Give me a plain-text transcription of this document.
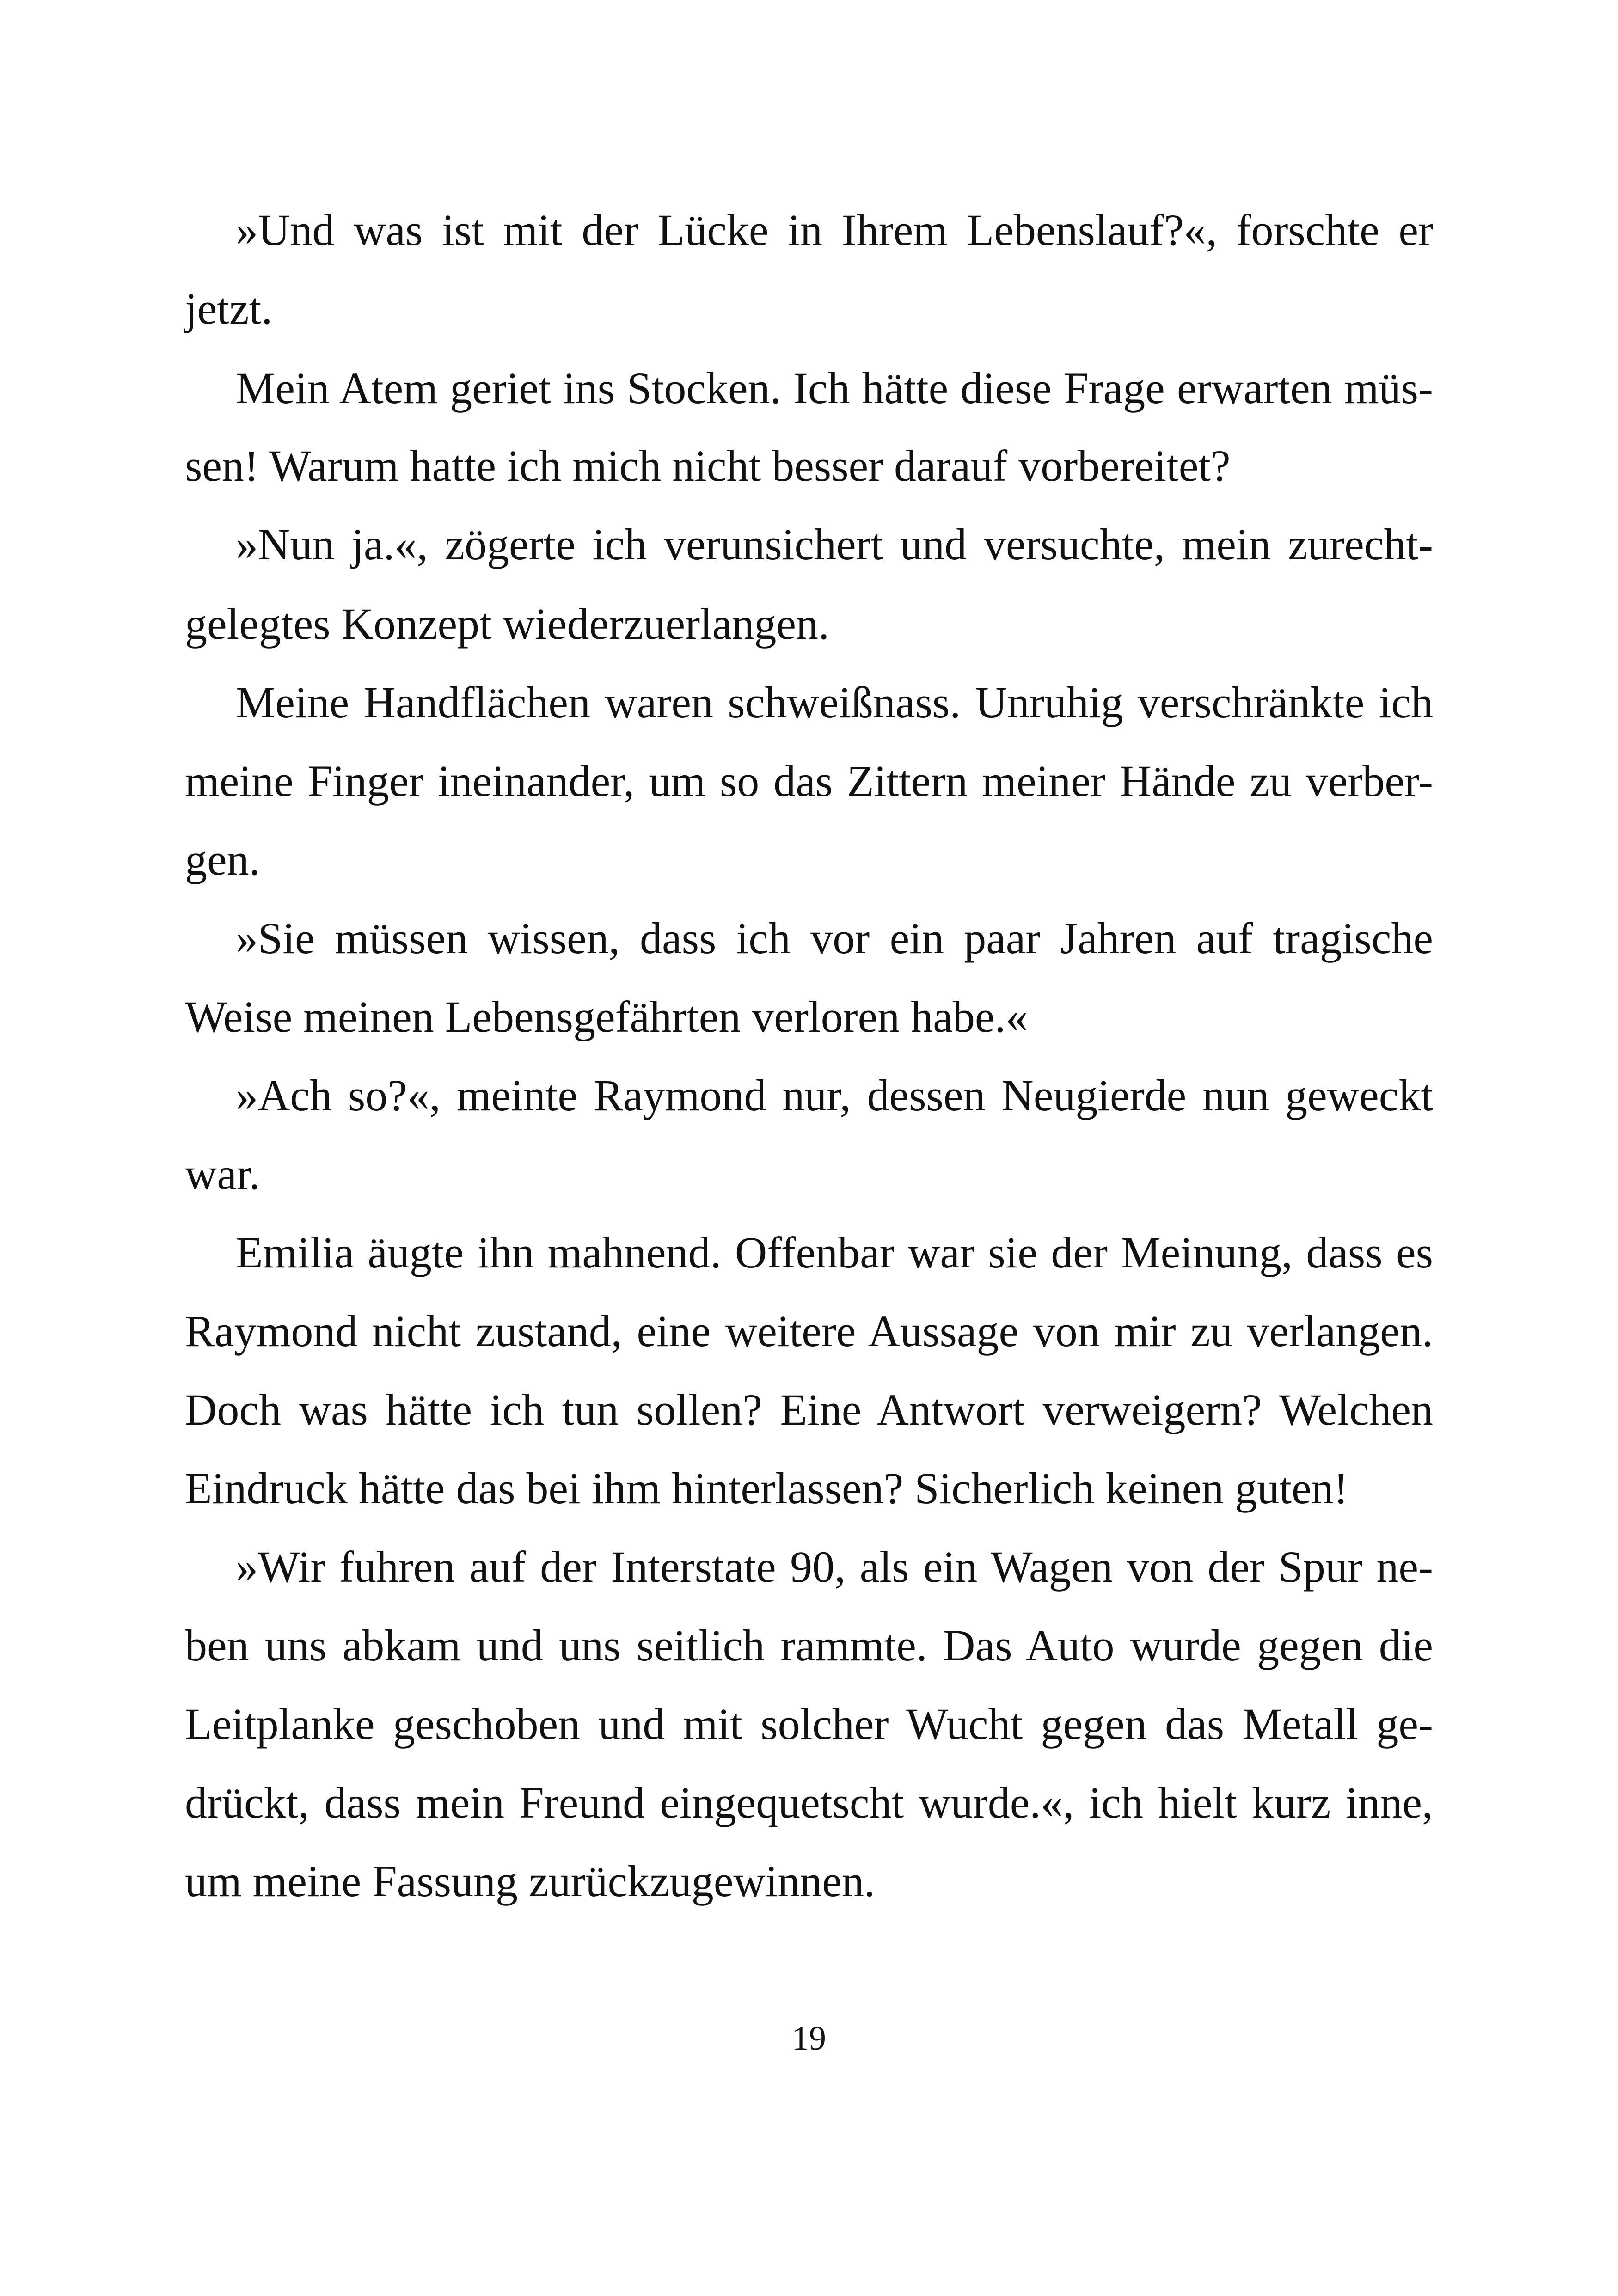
»Und was ist mit der Lücke in Ihrem Lebenslauf?«, forschte er
jetzt.
Mein Atem geriet ins Stocken. Ich hätte diese Frage erwarten müs-
sen! Warum hatte ich mich nicht besser darauf vorbereitet?
»Nun ja.«, zögerte ich verunsichert und versuchte, mein zurecht-
gelegtes Konzept wiederzuerlangen.
Meine Handflächen waren schweißnass. Unruhig verschränkte ich
meine Finger ineinander, um so das Zittern meiner Hände zu verber-
gen.
»Sie müssen wissen, dass ich vor ein paar Jahren auf tragische
Weise meinen Lebensgefährten verloren habe.«
»Ach so?«, meinte Raymond nur, dessen Neugierde nun geweckt
war.
Emilia äugte ihn mahnend. Offenbar war sie der Meinung, dass es
Raymond nicht zustand, eine weitere Aussage von mir zu verlangen.
Doch was hätte ich tun sollen? Eine Antwort verweigern? Welchen
Eindruck hätte das bei ihm hinterlassen? Sicherlich keinen guten!
»Wir fuhren auf der Interstate 90, als ein Wagen von der Spur ne-
ben uns abkam und uns seitlich rammte. Das Auto wurde gegen die
Leitplanke geschoben und mit solcher Wucht gegen das Metall ge-
drückt, dass mein Freund eingequetscht wurde.«, ich hielt kurz inne,
um meine Fassung zurückzugewinnen.
19
